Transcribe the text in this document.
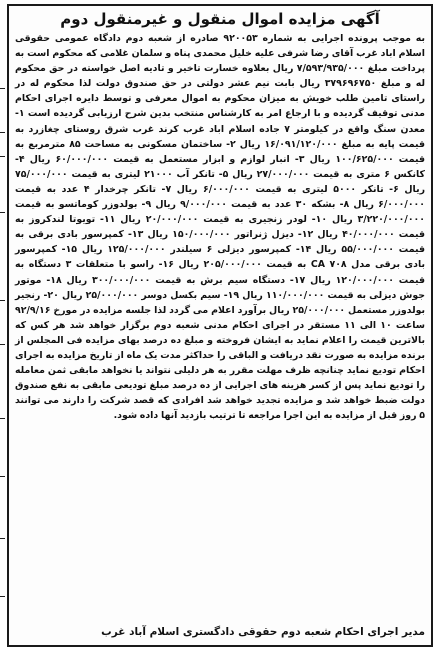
آگهی مزایده اموال منقول و غیرمنقول دوم

به موجب پرونده اجرایی به شماره ۹۲۰۰۵۳ صادره از شعبه دوم دادگاه عمومی حقوقی اسلام اباد غرب آقای رضا شرفی علیه خلیل محمدی پناه و سلمان غلامی که محکوم است به پرداخت مبلغ ۷/۵۹۳/۹۳۵/۰۰۰ ریال بعلاوه خسارت تاخیر و تادیه اصل خواسته در حق محکوم له و مبلغ ۳۷۹۶۹۶۷۵۰ ریال بابت نیم عشر دولتی در حق صندوق دولت لذا محکوم له در راستای تامین طلب خویش به میزان محکوم به اموال معرفی و توسط دایره اجرای احکام مدنی توقیف گردیده و با ارجاع امر به کارشناس منتخب بدین شرح ارزیابی گردیده است ۱- معدن سنگ واقع در کیلومتر ۷ جاده اسلام اباد غرب کرند غرب شرق روستای چغازرد به قیمت پایه به مبلغ ۱۶/۰۹۱/۱۲۰/۰۰۰ ریال ۲- ساختمان مسکونی به مساحت ۸۵ مترمربع به قیمت ۱۰۰/۶۲۵/۰۰۰ ریال ۳- انبار لوازم و ابزار مستعمل به قیمت ۶۰/۰۰۰/۰۰۰ ریال ۴- کانکس ۶ متری به قیمت ۲۷/۰۰۰/۰۰۰ ریال ۵- تانکر آب ۲۱۰۰۰ لیتری به قیمت ۷۵/۰۰۰/۰۰۰ ریال ۶- تانکر ۵۰۰۰ لیتری به قیمت ۶/۰۰۰/۰۰۰ ریال ۷- تانکر چرخدار ۴ عدد به قیمت ۶/۰۰۰/۰۰۰ ریال ۸- بشکه ۳۰ عدد به قیمت ۹/۰۰۰/۰۰۰ ریال ۹- بولدوزر کوماتسو به قیمت ۳/۲۲۰/۰۰۰/۰۰۰ ریال ۱۰- لودر زنجیری به قیمت ۲۰/۰۰۰/۰۰۰ ریال ۱۱- تویوتا لندکروز به قیمت ۴۰/۰۰۰/۰۰۰ ریال ۱۲- دیزل ژنراتور ۱۵۰/۰۰۰/۰۰۰ ریال ۱۳- کمپرسور بادی برقی به قیمت ۵۵/۰۰۰/۰۰۰ ریال ۱۴- کمپرسور دیزلی ۶ سیلندر ۱۲۵/۰۰۰/۰۰۰ ریال ۱۵- کمپرسور بادی برقی مدل CA ۷۰۸ به قیمت ۲۰۵/۰۰۰/۰۰۰ ریال ۱۶- راسو با متعلقات ۳ دستگاه به قیمت ۱۲۰/۰۰۰/۰۰۰ ریال ۱۷- دستگاه سیم برش به قیمت ۳۰۰/۰۰۰/۰۰۰ ریال ۱۸- موتور جوش دیزلی به قیمت ۱۱۰/۰۰۰/۰۰۰ ریال ۱۹- سیم بکسل دوسر ۲۵/۰۰۰/۰۰۰ ریال ۲۰- رنجیر بولدوزر مستعمل ۲۵/۰۰۰/۰۰۰ ریال برآورد اعلام می گردد لذا جلسه مزایده در مورخ ۹۲/۹/۱۶ ساعت ۱۰ الی ۱۱ مستقر در اجرای احکام مدنی شعبه دوم برگزار خواهد شد هر کس که بالاترین قیمت را اعلام نماید به ایشان فروخته و مبلغ ده درصد بهای مزایده فی المجلس از برنده مزایده به صورت نقد دریافت و الباقی را حداکثر مدت یک ماه از تاریخ مزایده به اجرای احکام تودیع نماید چنانچه ظرف مهلت مقرر به هر دلیلی نتواند یا نخواهد مابقی ثمن معامله را تودیع نماید پس از کسر هزینه های اجرایی از ده درصد مبلغ تودیعی مابقی به نفع صندوق دولت ضبط خواهد شد و مزایده تجدید خواهد شد افرادی که قصد شرکت را دارند می توانند ۵ روز قبل از مزایده به این اجرا مراجعه تا ترتیب بازدید آنها داده شود.

مدیر اجرای احکام شعبه دوم حقوقی دادگستری اسلام آباد غرب
